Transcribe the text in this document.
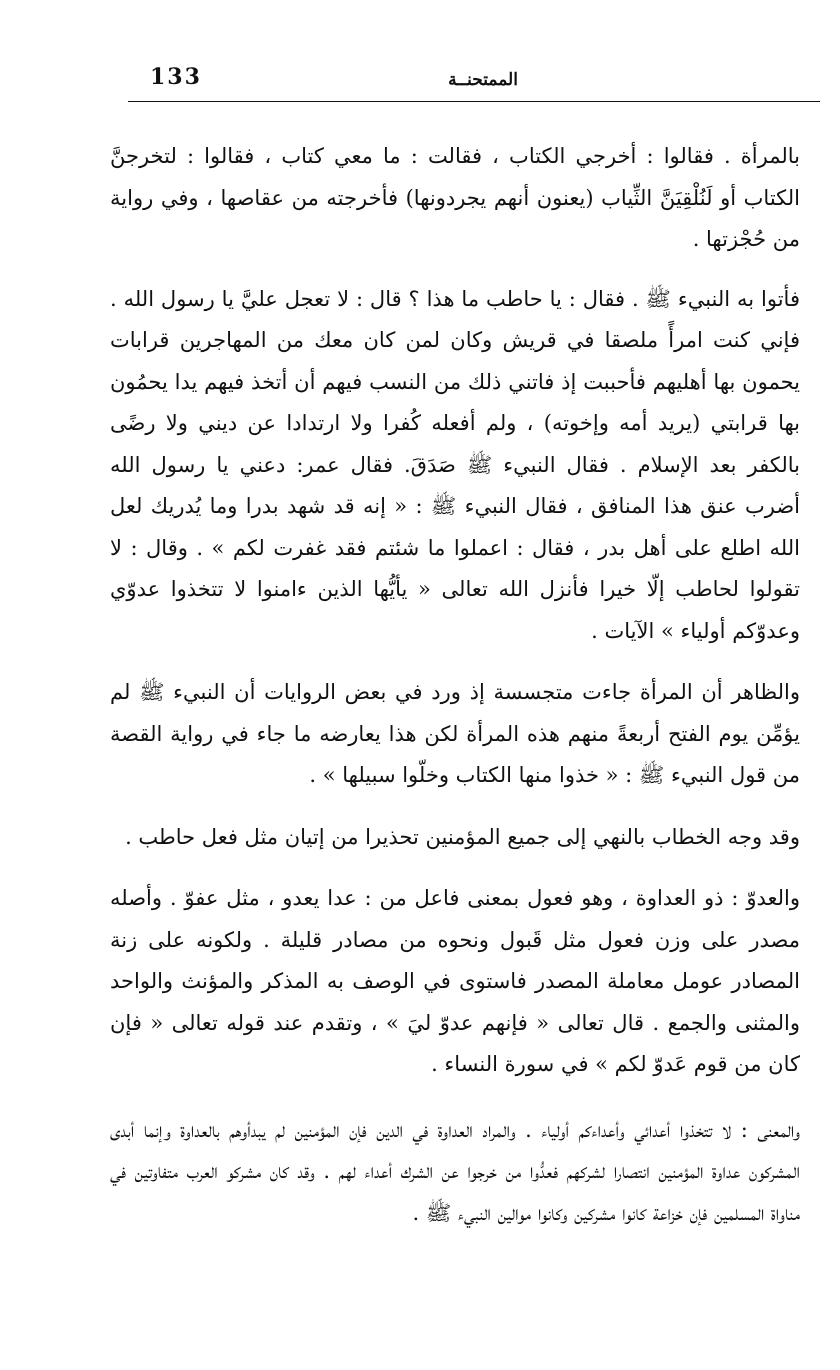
133	الممتحنــة

بالمرأة . فقالوا : أخرجي الكتاب ، فقالت : ما معي كتاب ، فقالوا : لتخرجنَّ الكتاب أو لَنُلْقِيَنَّ الثِّياب (يعنون أنهم يجردونها) فأخرجته من عقاصها ، وفي رواية من حُجْزتها .

فأتوا به النبيء ﷺ . فقال : يا حاطب ما هذا ؟ قال : لا تعجل عليَّ يا رسول الله . فإني كنت امرأً ملصقا في قريش وكان لمن كان معك من المهاجرين قرابات يحمون بها أهليهم فأحببت إذ فاتني ذلك من النسب فيهم أن أتخذ فيهم يدا يحمُون بها قرابتي (يريد أمه وإخوته) ، ولم أفعله كُفرا ولا ارتدادا عن ديني ولا رضًى بالكفر بعد الإسلام . فقال النبيء ﷺ صَدَقَ. فقال عمر: دعني يا رسول الله أضرب عنق هذا المنافق ، فقال النبيء ﷺ : « إنه قد شهد بدرا وما يُدريك لعل الله اطلع على أهل بدر ، فقال : اعملوا ما شئتم فقد غفرت لكم » . وقال : لا تقولوا لحاطب إلّا خيرا فأنزل الله تعالى « يأيُّها الذين ءامنوا لا تتخذوا عدوّي وعدوّكم أولياء » الآيات .

والظاهر أن المرأة جاءت متجسسة إذ ورد في بعض الروايات أن النبيء ﷺ لم يؤمِّن يوم الفتح أربعةً منهم هذه المرأة لكن هذا يعارضه ما جاء في رواية القصة من قول النبيء ﷺ : « خذوا منها الكتاب وخلّوا سبيلها » .

وقد وجه الخطاب بالنهي إلى جميع المؤمنين تحذيرا من إتيان مثل فعل حاطب .

والعدوّ : ذو العداوة ، وهو فعول بمعنى فاعل من : عدا يعدو ، مثل عفوّ . وأصله مصدر على وزن فعول مثل قَبول ونحوه من مصادر قليلة . ولكونه على زنة المصادر عومل معاملة المصدر فاستوى في الوصف به المذكر والمؤنث والواحد والمثنى والجمع . قال تعالى « فإنهم عدوّ ليَ » ، وتقدم عند قوله تعالى « فإن كان من قوم عَدوّ لكم » في سورة النساء .

والمعنى : لا تتخذوا أعدائي وأعداءكم أولياء . والمراد العداوة في الدين فإن المؤمنين لم يبدأوهم بالعداوة وإنما أبدى المشركون عداوة المؤمنين انتصارا لشركهم فعدُّوا من خرجوا عن الشرك أعداء لهم . وقد كان مشركو العرب متفاوتين في مناواة المسلمين فإن خزاعة كانوا مشركين وكانوا موالين النبيء ﷺ .
